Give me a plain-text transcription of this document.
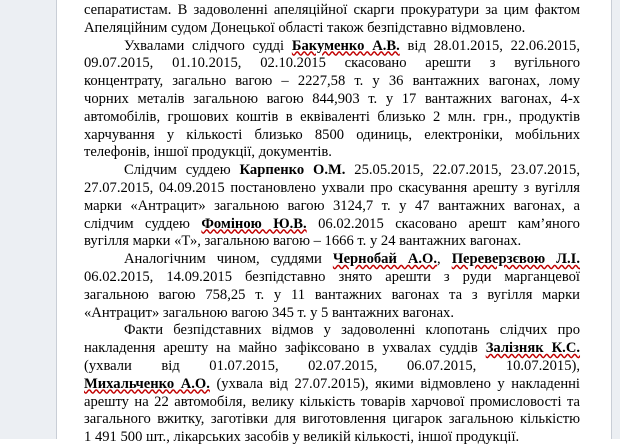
сепаратистам. В задоволенні апеляційної скарги прокуратури за цим фактом
Апеляційним судом Донецької області також безпідставно відмовлено.

Ухвалами слідчого судді Бакуменко А.В. від 28.01.2015, 22.06.2015,
09.07.2015, 01.10.2015, 02.10.2015 скасовано арешти з вугільного
концентрату, загально вагою – 2227,58 т. у 36 вантажних вагонах, лому
чорних металів загальною вагою 844,903 т. у 17 вантажних вагонах, 4-х
автомобілів, грошових коштів в еквіваленті близько 2 млн. грн., продуктів
харчування у кількості близько 8500 одиниць, електроніки, мобільних
телефонів, іншої продукції, документів.

Слідчим суддею Карпенко О.М. 25.05.2015, 22.07.2015, 23.07.2015,
27.07.2015, 04.09.2015 постановлено ухвали про скасування арешту з вугілля
марки «Антрацит» загальною вагою 3124,7 т. у 47 вантажних вагонах, а
слідчим суддею Фоміною Ю.В. 06.02.2015 скасовано арешт кам’яного
вугілля марки «Т», загальною вагою – 1666 т. у 24 вантажних вагонах.

Аналогічним чином, суддями Чернобай А.О., Переверзєвою Л.І.
06.02.2015, 14.09.2015 безпідставно знято арешти з руди марганцевої
загальною вагою 758,25 т. у 11 вантажних вагонах та з вугілля марки
«Антрацит» загальною вагою 345 т. у 5 вантажних вагонах.

Факти безпідставних відмов у задоволенні клопотань слідчих про
накладення арешту на майно зафіксовано в ухвалах суддів Залізняк К.С.
(ухвали від 01.07.2015, 02.07.2015, 06.07.2015, 10.07.2015),
Михальченко А.О. (ухвала від 27.07.2015), якими відмовлено у накладенні
арешту на 22 автомобіля, велику кількість товарів харчової промисловості та
загального вжитку, заготівки для виготовлення цигарок загальною кількістю
1 491 500 шт., лікарських засобів у великій кількості, іншої продукції.
